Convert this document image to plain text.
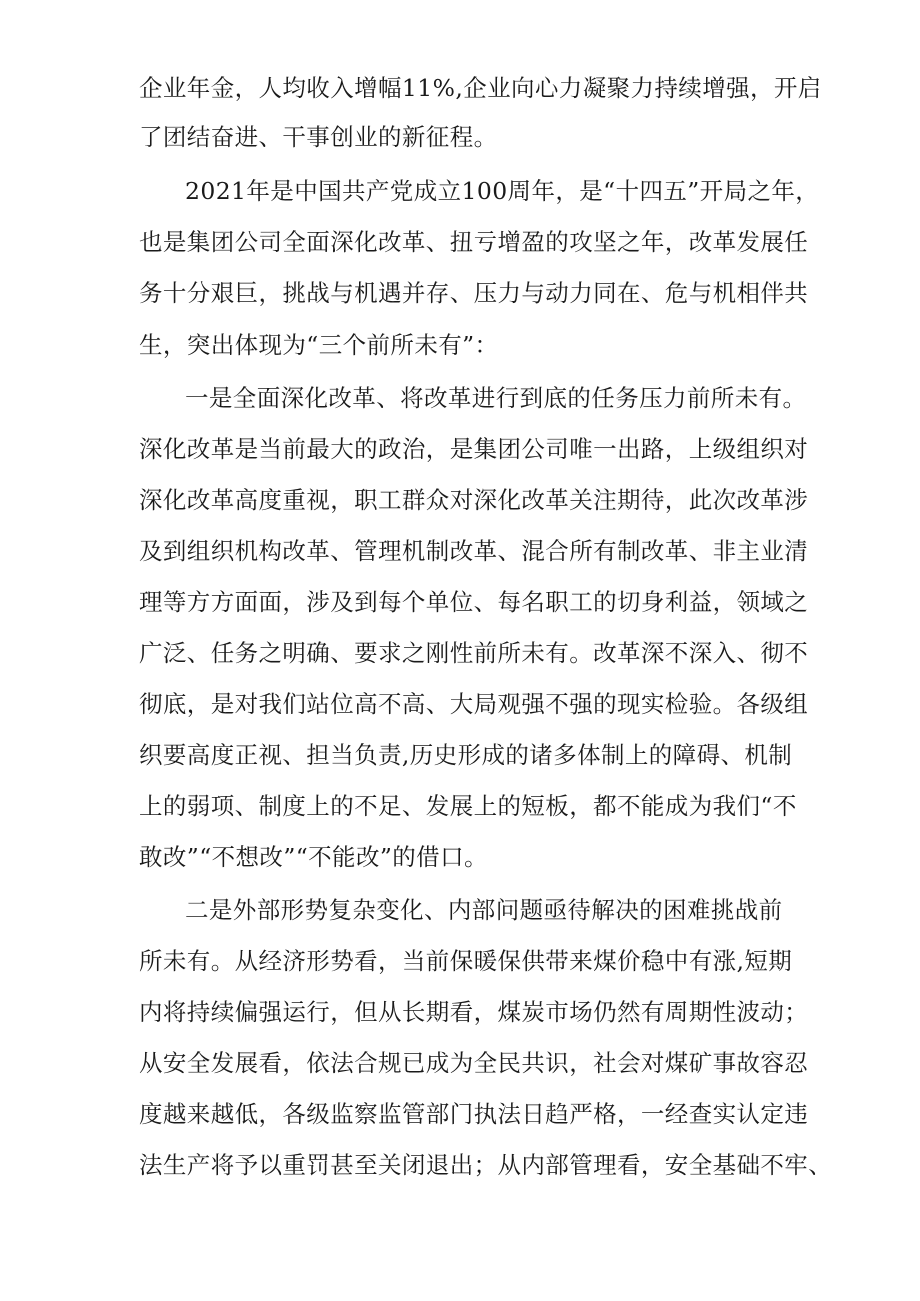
企业年金，人均收入增幅11%,企业向心力凝聚力持续增强，开启

了团结奋进、干事创业的新征程。

2021年是中国共产党成立100周年，是“十四五”开局之年，

也是集团公司全面深化改革、扭亏增盈的攻坚之年，改革发展任

务十分艰巨，挑战与机遇并存、压力与动力同在、危与机相伴共

生，突出体现为“三个前所未有”：

一是全面深化改革、将改革进行到底的任务压力前所未有。

深化改革是当前最大的政治，是集团公司唯一出路，上级组织对

深化改革高度重视，职工群众对深化改革关注期待，此次改革涉

及到组织机构改革、管理机制改革、混合所有制改革、非主业清

理等方方面面，涉及到每个单位、每名职工的切身利益，领域之

广泛、任务之明确、要求之刚性前所未有。改革深不深入、彻不

彻底，是对我们站位高不高、大局观强不强的现实检验。各级组

织要高度正视、担当负责,历史形成的诸多体制上的障碍、机制

上的弱项、制度上的不足、发展上的短板，都不能成为我们“不

敢改”“不想改”“不能改”的借口。

二是外部形势复杂变化、内部问题亟待解决的困难挑战前

所未有。从经济形势看，当前保暖保供带来煤价稳中有涨,短期

内将持续偏强运行，但从长期看，煤炭市场仍然有周期性波动；

从安全发展看，依法合规已成为全民共识，社会对煤矿事故容忍

度越来越低，各级监察监管部门执法日趋严格，一经查实认定违

法生产将予以重罚甚至关闭退出；从内部管理看，安全基础不牢、
